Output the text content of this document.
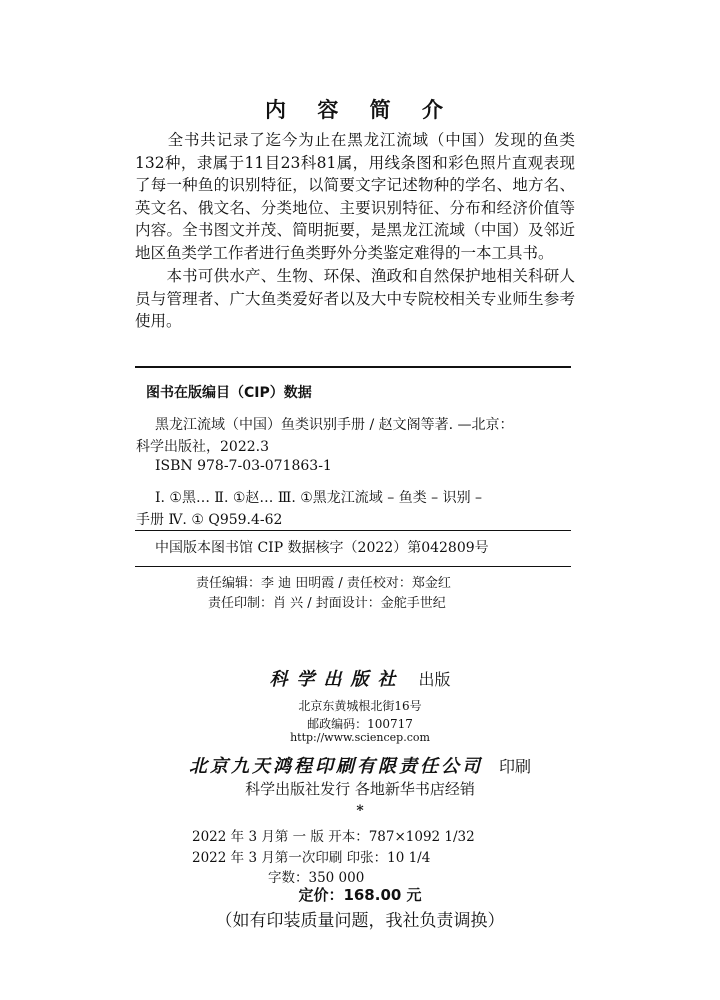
内 容 简 介

　　全书共记录了迄今为止在黑龙江流域（中国）发现的鱼类132种，隶属于11目23科81属，用线条图和彩色照片直观表现了每一种鱼的识别特征，以简要文字记述物种的学名、地方名、英文名、俄文名、分类地位、主要识别特征、分布和经济价值等内容。全书图文并茂、简明扼要，是黑龙江流域（中国）及邻近地区鱼类学工作者进行鱼类野外分类鉴定难得的一本工具书。

　　本书可供水产、生物、环保、渔政和自然保护地相关科研人员与管理者、广大鱼类爱好者以及大中专院校相关专业师生参考使用。

图书在版编目（CIP）数据
黑龙江流域（中国）鱼类识别手册 / 赵文阁等著. —北京：
科学出版社，2022.3
ISBN 978-7-03-071863-1
Ⅰ. ①黑… Ⅱ. ①赵… Ⅲ. ①黑龙江流域 – 鱼类 – 识别 –
手册 Ⅳ. ① Q959.4-62
中国版本图书馆 CIP 数据核字（2022）第042809号
责任编辑：李 迪 田明霞 / 责任校对：郑金红
责任印制：肖 兴 / 封面设计：金舵手世纪
科学出版社 出版
北京东黄城根北街16号
邮政编码：100717
http://www.sciencep.com
北京九天鸿程印刷有限责任公司 印刷
科学出版社发行 各地新华书店经销
*
2022 年 3 月第 一 版 开本：787×1092 1/32
2022 年 3 月第一次印刷 印张：10 1/4
字数：350 000
定价：168.00 元
（如有印装质量问题，我社负责调换）
